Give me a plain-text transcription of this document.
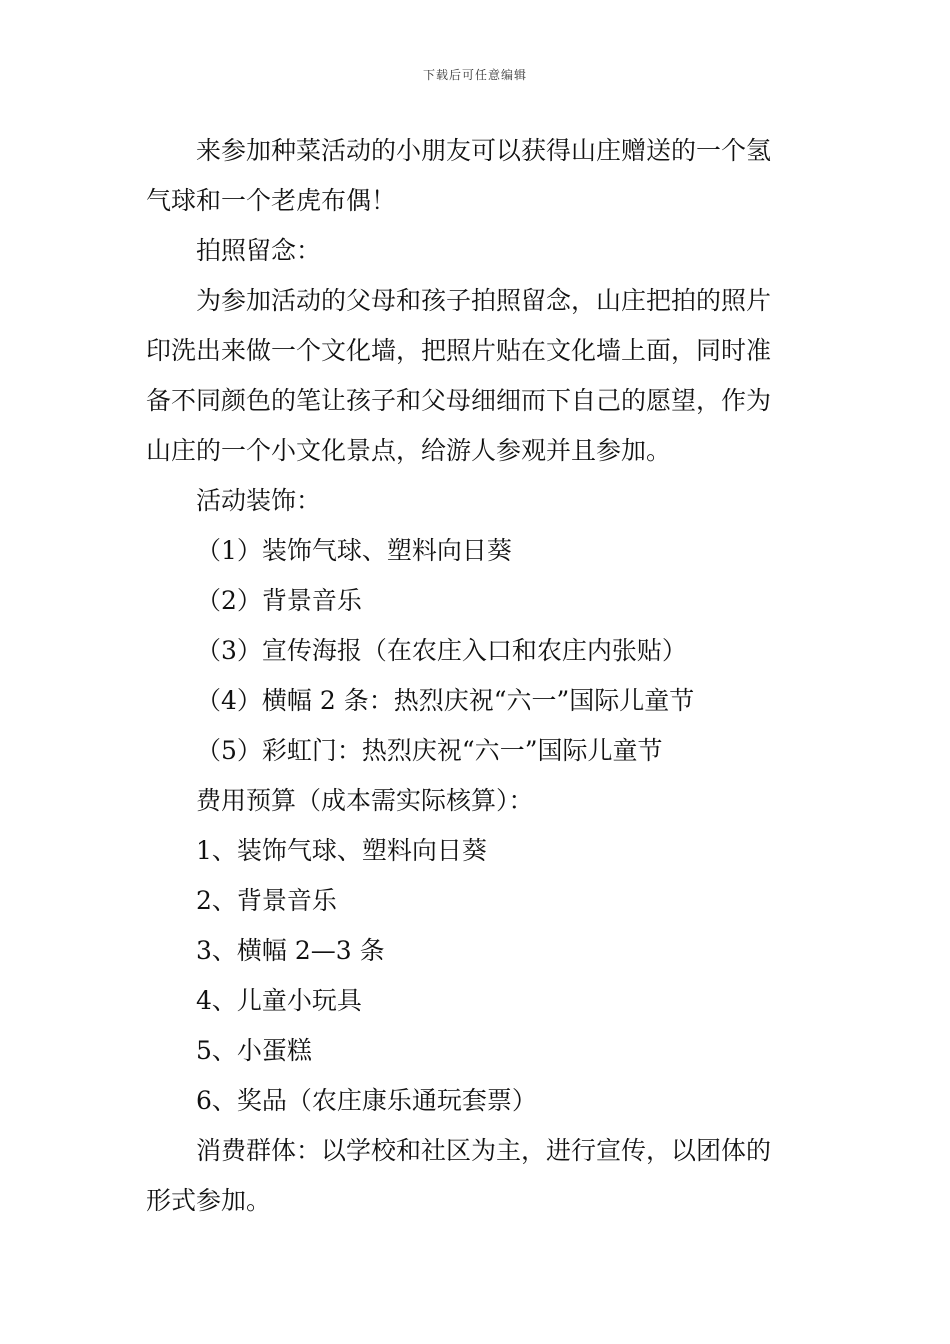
下载后可任意编辑
来参加种菜活动的小朋友可以获得山庄赠送的一个氢
气球和一个老虎布偶！
拍照留念：
为参加活动的父母和孩子拍照留念，山庄把拍的照片
印洗出来做一个文化墙，把照片贴在文化墙上面，同时准
备不同颜色的笔让孩子和父母细细而下自己的愿望，作为
山庄的一个小文化景点，给游人参观并且参加。
活动装饰：
（1）装饰气球、塑料向日葵
（2）背景音乐
（3）宣传海报（在农庄入口和农庄内张贴）
（4）横幅 2 条：热烈庆祝“六一”国际儿童节
（5）彩虹门：热烈庆祝“六一”国际儿童节
费用预算（成本需实际核算）：
1、装饰气球、塑料向日葵
2、背景音乐
3、横幅 2—3 条
4、儿童小玩具
5、小蛋糕
6、奖品（农庄康乐通玩套票）
消费群体：以学校和社区为主，进行宣传，以团体的
形式参加。
